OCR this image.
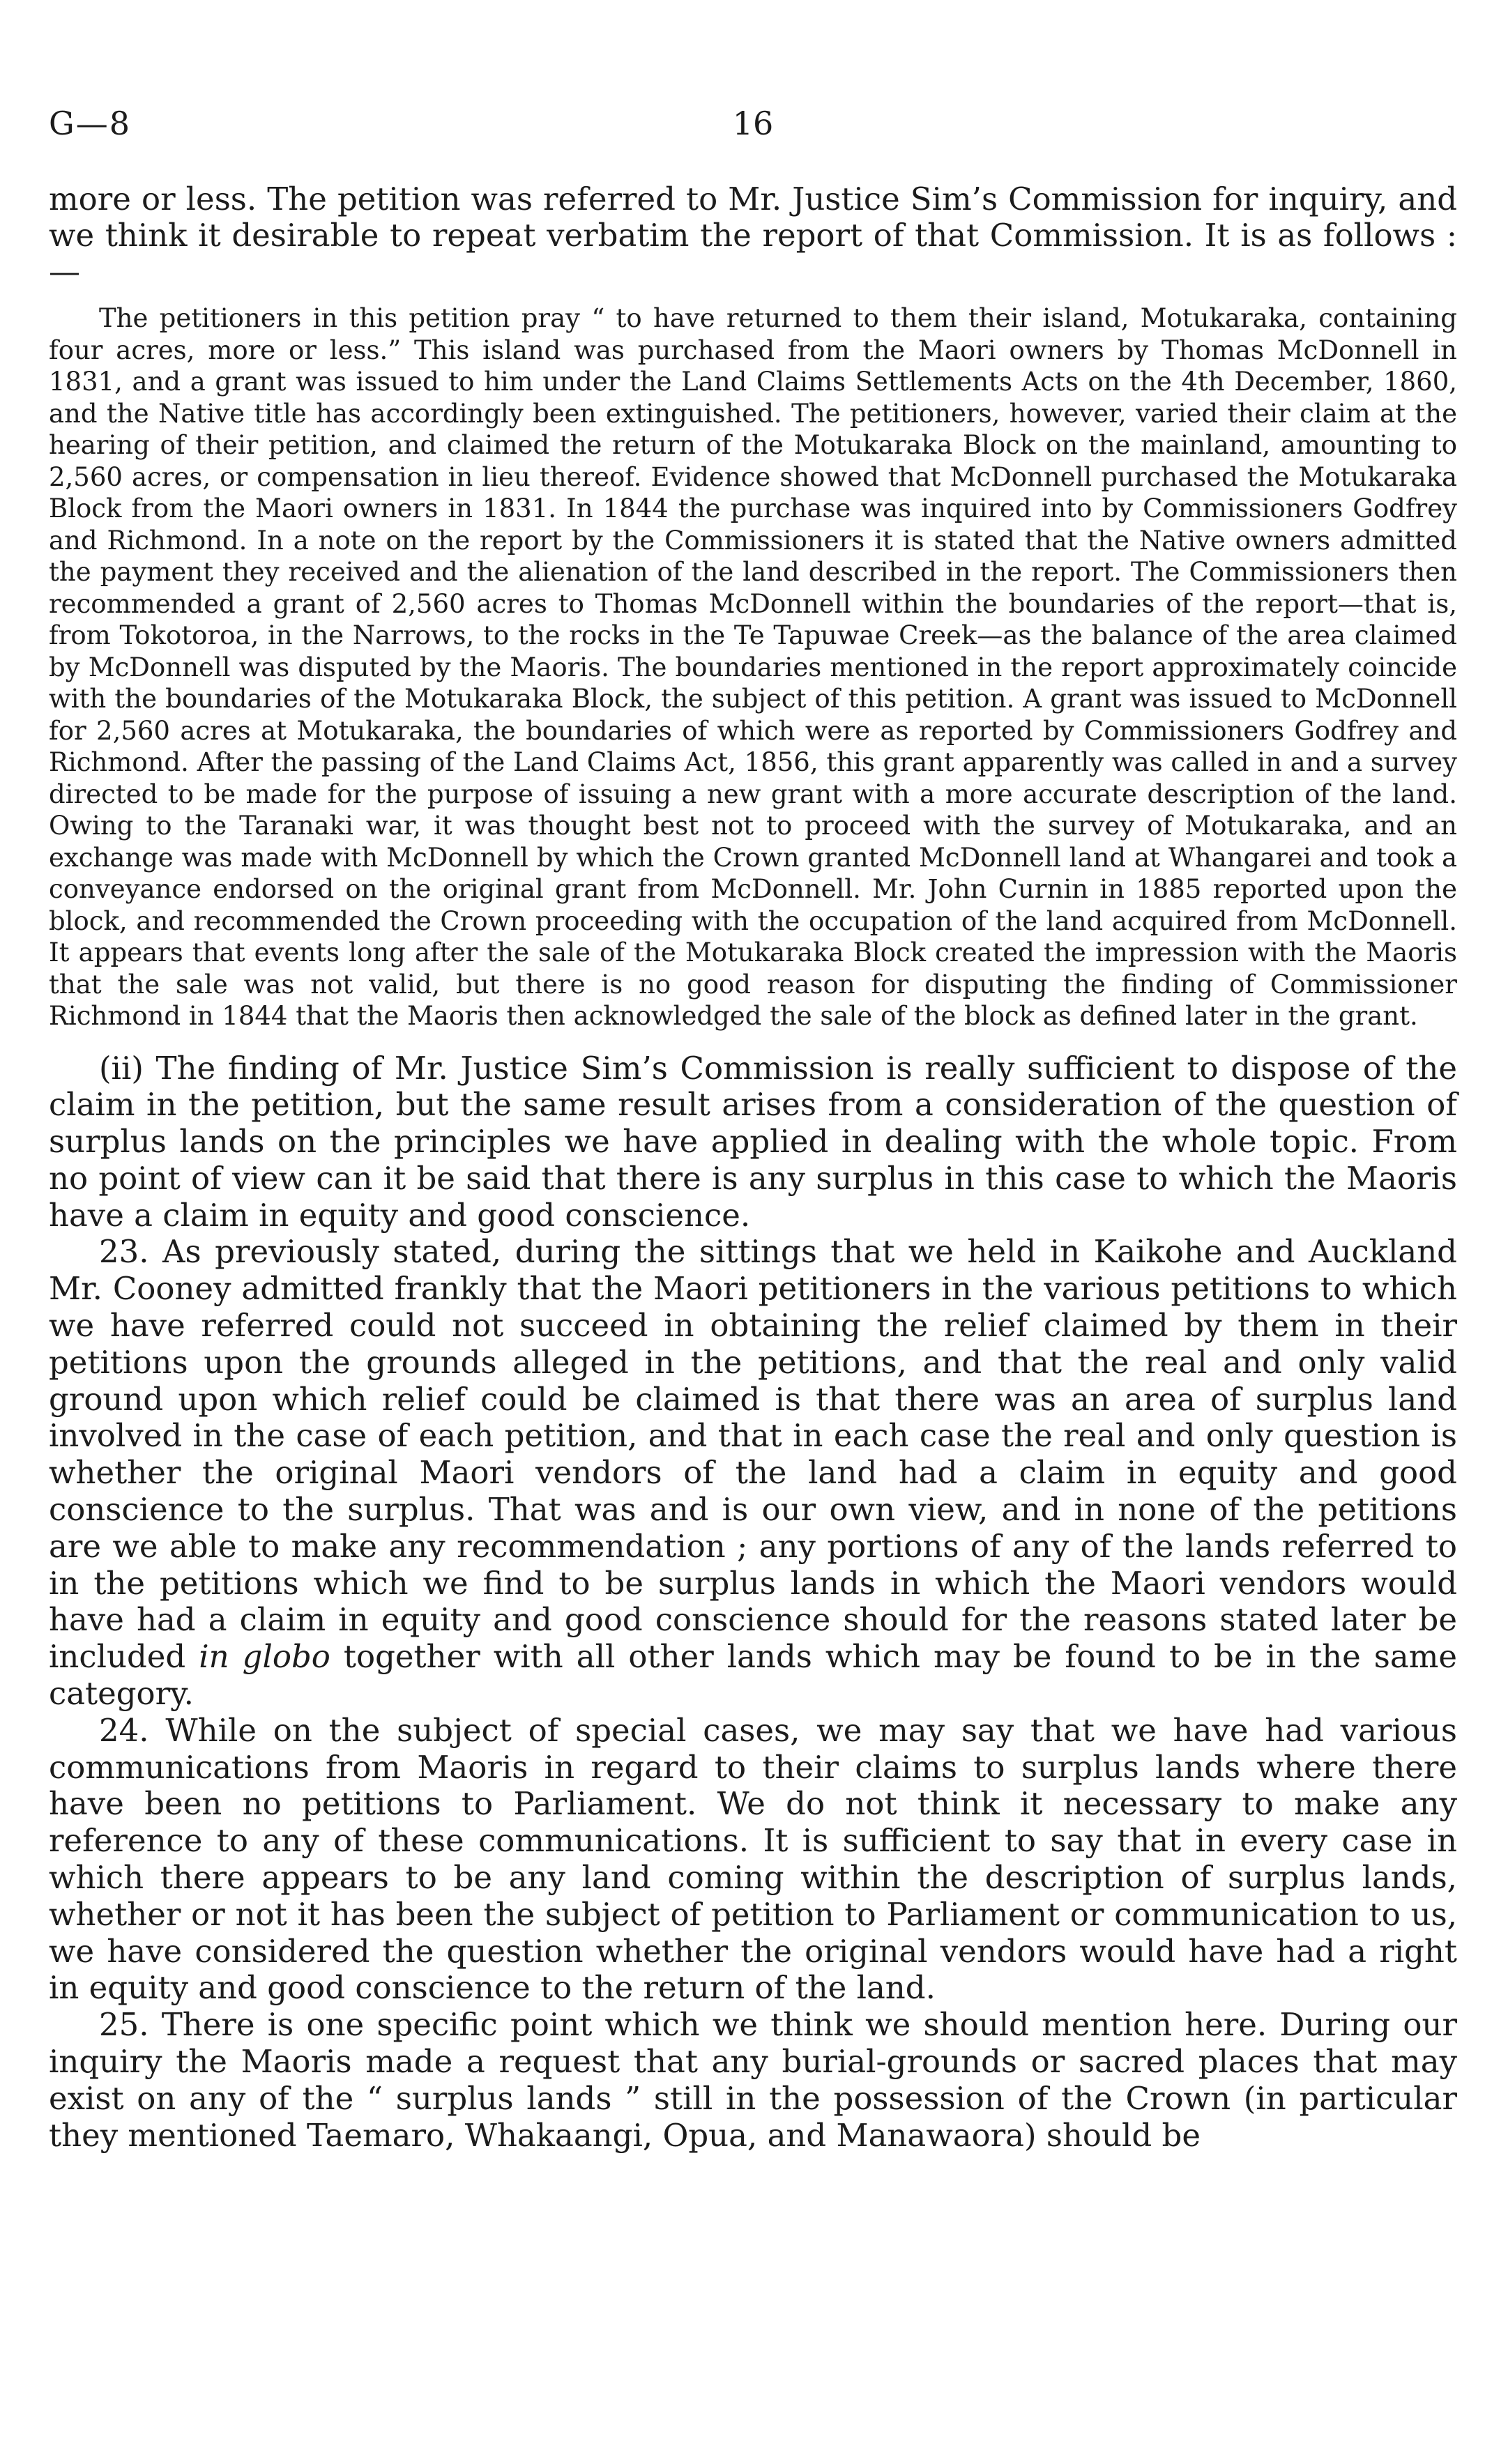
G—8	16

more or less. The petition was referred to Mr. Justice Sim’s Commission for inquiry, and we think it desirable to repeat verbatim the report of that Commission. It is as follows :—

The petitioners in this petition pray “ to have returned to them their island, Motukaraka, containing four acres, more or less.” This island was purchased from the Maori owners by Thomas McDonnell in 1831, and a grant was issued to him under the Land Claims Settlements Acts on the 4th December, 1860, and the Native title has accordingly been extinguished. The petitioners, however, varied their claim at the hearing of their petition, and claimed the return of the Motukaraka Block on the mainland, amounting to 2,560 acres, or compensation in lieu thereof. Evidence showed that McDonnell purchased the Motukaraka Block from the Maori owners in 1831. In 1844 the purchase was inquired into by Commissioners Godfrey and Richmond. In a note on the report by the Commissioners it is stated that the Native owners admitted the payment they received and the alienation of the land described in the report. The Commissioners then recommended a grant of 2,560 acres to Thomas McDonnell within the boundaries of the report—that is, from Tokotoroa, in the Narrows, to the rocks in the Te Tapuwae Creek—as the balance of the area claimed by McDonnell was disputed by the Maoris. The boundaries mentioned in the report approximately coincide with the boundaries of the Motukaraka Block, the subject of this petition. A grant was issued to McDonnell for 2,560 acres at Motukaraka, the boundaries of which were as reported by Commissioners Godfrey and Richmond. After the passing of the Land Claims Act, 1856, this grant apparently was called in and a survey directed to be made for the purpose of issuing a new grant with a more accurate description of the land. Owing to the Taranaki war, it was thought best not to proceed with the survey of Motukaraka, and an exchange was made with McDonnell by which the Crown granted McDonnell land at Whangarei and took a conveyance endorsed on the original grant from McDonnell. Mr. John Curnin in 1885 reported upon the block, and recommended the Crown proceeding with the occupation of the land acquired from McDonnell. It appears that events long after the sale of the Motukaraka Block created the impression with the Maoris that the sale was not valid, but there is no good reason for disputing the finding of Commissioner Richmond in 1844 that the Maoris then acknowledged the sale of the block as defined later in the grant.

(ii) The finding of Mr. Justice Sim’s Commission is really sufficient to dispose of the claim in the petition, but the same result arises from a consideration of the question of surplus lands on the principles we have applied in dealing with the whole topic. From no point of view can it be said that there is any surplus in this case to which the Maoris have a claim in equity and good conscience.

23. As previously stated, during the sittings that we held in Kaikohe and Auckland Mr. Cooney admitted frankly that the Maori petitioners in the various petitions to which we have referred could not succeed in obtaining the relief claimed by them in their petitions upon the grounds alleged in the petitions, and that the real and only valid ground upon which relief could be claimed is that there was an area of surplus land involved in the case of each petition, and that in each case the real and only question is whether the original Maori vendors of the land had a claim in equity and good conscience to the surplus. That was and is our own view, and in none of the petitions are we able to make any recommendation ; any portions of any of the lands referred to in the petitions which we find to be surplus lands in which the Maori vendors would have had a claim in equity and good conscience should for the reasons stated later be included in globo together with all other lands which may be found to be in the same category.

24. While on the subject of special cases, we may say that we have had various communications from Maoris in regard to their claims to surplus lands where there have been no petitions to Parliament. We do not think it necessary to make any reference to any of these communications. It is sufficient to say that in every case in which there appears to be any land coming within the description of surplus lands, whether or not it has been the subject of petition to Parliament or communication to us, we have considered the question whether the original vendors would have had a right in equity and good conscience to the return of the land.

25. There is one specific point which we think we should mention here. During our inquiry the Maoris made a request that any burial-grounds or sacred places that may exist on any of the “ surplus lands ” still in the possession of the Crown (in particular they mentioned Taemaro, Whakaangi, Opua, and Manawaora) should be
